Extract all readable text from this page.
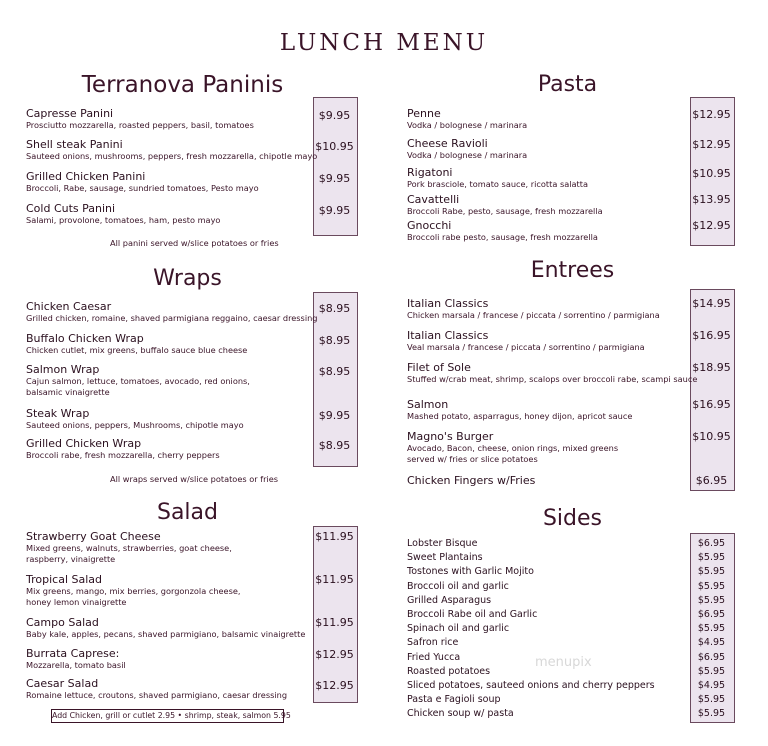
LUNCH MENU
Terranova Paninis
Capresse Panini
Prosciutto mozzarella, roasted peppers, basil, tomatoes
$9.95
Shell steak Panini
Sauteed onions, mushrooms, peppers, fresh mozzarella, chipotle mayo
$10.95
Grilled Chicken Panini
Broccoli, Rabe, sausage, sundried tomatoes, Pesto mayo
$9.95
Cold Cuts Panini
Salami, provolone, tomatoes, ham, pesto mayo
$9.95
All panini served w/slice potatoes or fries
Wraps
Chicken Caesar
Grilled chicken, romaine, shaved parmigiana reggaino, caesar dressing
$8.95
Buffalo Chicken Wrap
Chicken cutlet, mix greens, buffalo sauce blue cheese
$8.95
Salmon Wrap
Cajun salmon, lettuce, tomatoes, avocado, red onions,
balsamic vinaigrette
$8.95
Steak Wrap
Sauteed onions, peppers, Mushrooms, chipotle mayo
$9.95
Grilled Chicken Wrap
Broccoli rabe, fresh mozzarella, cherry peppers
$8.95
All wraps served w/slice potatoes or fries
Salad
Strawberry Goat Cheese
Mixed greens, walnuts, strawberries, goat cheese,
raspberry, vinaigrette
$11.95
Tropical Salad
Mix greens, mango, mix berries, gorgonzola cheese,
honey lemon vinaigrette
$11.95
Campo Salad
Baby kale, apples, pecans, shaved parmigiano, balsamic vinaigrette
$11.95
Burrata Caprese:
Mozzarella, tomato basil
$12.95
Caesar Salad
Romaine lettuce, croutons, shaved parmigiano, caesar dressing
$12.95
Add Chicken, grill or cutlet 2.95 • shrimp, steak, salmon 5.95
Pasta
Penne
Vodka / bolognese / marinara
$12.95
Cheese Ravioli
Vodka / bolognese / marinara
$12.95
Rigatoni
Pork brasciole, tomato sauce, ricotta salatta
$10.95
Cavattelli
Broccoli Rabe, pesto, sausage, fresh mozzarella
$13.95
Gnocchi
Broccoli rabe pesto, sausage, fresh mozzarella
$12.95
Entrees
Italian Classics
Chicken marsala / francese / piccata / sorrentino / parmigiana
$14.95
Italian Classics
Veal marsala / francese / piccata / sorrentino / parmigiana
$16.95
Filet of Sole
Stuffed w/crab meat, shrimp, scalops over broccoli rabe, scampi sauce
$18.95
Salmon
Mashed potato, asparragus, honey dijon, apricot sauce
$16.95
Magno's Burger
Avocado, Bacon, cheese, onion rings, mixed greens
served w/ fries or slice potatoes
$10.95
Chicken Fingers w/Fries	$6.95
Sides
Lobster Bisque	$6.95
Sweet Plantains	$5.95
Tostones with Garlic Mojito	$5.95
Broccoli oil and garlic	$5.95
Grilled Asparagus	$5.95
Broccoli Rabe oil and Garlic	$6.95
Spinach oil and garlic	$5.95
Safron rice	$4.95
Fried Yucca	$6.95
Roasted potatoes	$5.95
Sliced potatoes, sauteed onions and cherry peppers	$4.95
Pasta e Fagioli soup	$5.95
Chicken soup w/ pasta	$5.95
menupix
